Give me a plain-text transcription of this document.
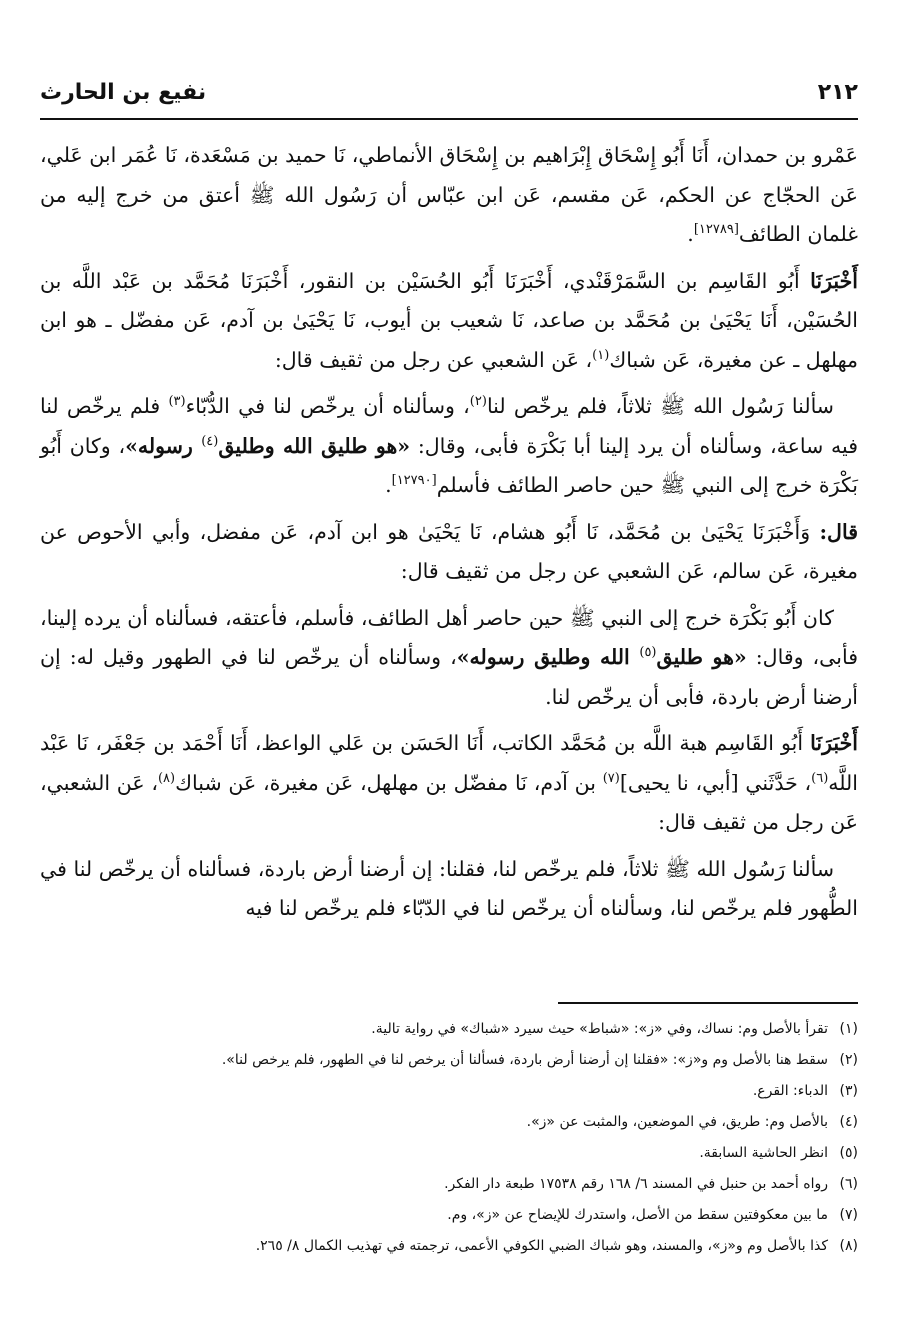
٢١٢
نفيع بن الحارث

عَمْرو بن حمدان، أَنَا أَبُو إِسْحَاق إِبْرَاهيم بن إِسْحَاق الأنماطي، نَا حميد بن مَسْعَدة، نَا عُمَر ابن عَلي، عَن الحجّاج عن الحكم، عَن مقسم، عَن ابن عبّاس أن رَسُول الله ﷺ أعتق من خرج إليه من غلمان الطائف[١٢٧٨٩].

أَخْبَرَنَا أَبُو القَاسِم بن السَّمَرْقَنْدي، أَخْبَرَنَا أَبُو الحُسَيْن بن النقور، أَخْبَرَنَا مُحَمَّد بن عَبْد اللَّه بن الحُسَيْن، أَنَا يَحْيَىٰ بن مُحَمَّد بن صاعد، نَا شعيب بن أيوب، نَا يَحْيَىٰ بن آدم، عَن مفضّل ـ هو ابن مهلهل ـ عن مغيرة، عَن شباك$^{(١)}$، عَن الشعبي عن رجل من ثقيف قال:

سألنا رَسُول الله ﷺ ثلاثاً، فلم يرخّص لنا$^{(٢)}$، وسألناه أن يرخّص لنا في الدُّبّاء$^{(٣)}$ فلم يرخّص لنا فيه ساعة، وسألناه أن يرد إلينا أبا بَكْرَة فأبى، وقال: «هو طليق الله وطليق$^{(٤)}$ رسوله»، وكان أَبُو بَكْرَة خرج إلى النبي ﷺ حين حاصر الطائف فأسلم[١٢٧٩٠].

قال: وَأَخْبَرَنَا يَحْيَىٰ بن مُحَمَّد، نَا أَبُو هشام، نَا يَحْيَىٰ هو ابن آدم، عَن مفضل، وأبي الأحوص عن مغيرة، عَن سالم، عَن الشعبي عن رجل من ثقيف قال:

كان أَبُو بَكْرَة خرج إلى النبي ﷺ حين حاصر أهل الطائف، فأسلم، فأعتقه، فسألناه أن يرده إلينا، فأبى، وقال: «هو طليق$^{(٥)}$ الله وطليق رسوله»، وسألناه أن يرخّص لنا في الطهور وقيل له: إن أرضنا أرض باردة، فأبى أن يرخّص لنا.

أَخْبَرَنَا أَبُو القَاسِم هبة اللَّه بن مُحَمَّد الكاتب، أَنَا الحَسَن بن عَلي الواعظ، أَنَا أَحْمَد بن جَعْفَر، نَا عَبْد اللَّه$^{(٦)}$، حَدَّثَني [أبي، نا يحيى]$^{(٧)}$ بن آدم، نَا مفضّل بن مهلهل، عَن مغيرة، عَن شباك$^{(٨)}$، عَن الشعبي، عَن رجل من ثقيف قال:

سألنا رَسُول الله ﷺ ثلاثاً، فلم يرخّص لنا، فقلنا: إن أرضنا أرض باردة، فسألناه أن يرخّص لنا في الطُّهور فلم يرخّص لنا، وسألناه أن يرخّص لنا في الدّبّاء فلم يرخّص لنا فيه

(١)
تقرأ بالأصل وم: نساك، وفي «ز»: «شباط» حيث سيرد «شباك» في رواية تالية.
(٢)
سقط هنا بالأصل وم و«ز»: «فقلنا إن أرضنا أرض باردة، فسألنا أن يرخص لنا في الطهور، فلم يرخص لنا».
(٣)
الدباء: القرع.
(٤)
بالأصل وم: طريق، في الموضعين، والمثبت عن «ز».
(٥)
انظر الحاشية السابقة.
(٦)
رواه أحمد بن حنبل في المسند ٦/ ١٦٨ رقم ١٧٥٣٨ طبعة دار الفكر.
(٧)
ما بين معكوفتين سقط من الأصل، واستدرك للإيضاح عن «ز»، وم.
(٨)
كذا بالأصل وم و«ز»، والمسند، وهو شباك الضبي الكوفي الأعمى، ترجمته في تهذيب الكمال ٨/ ٢٦٥.
